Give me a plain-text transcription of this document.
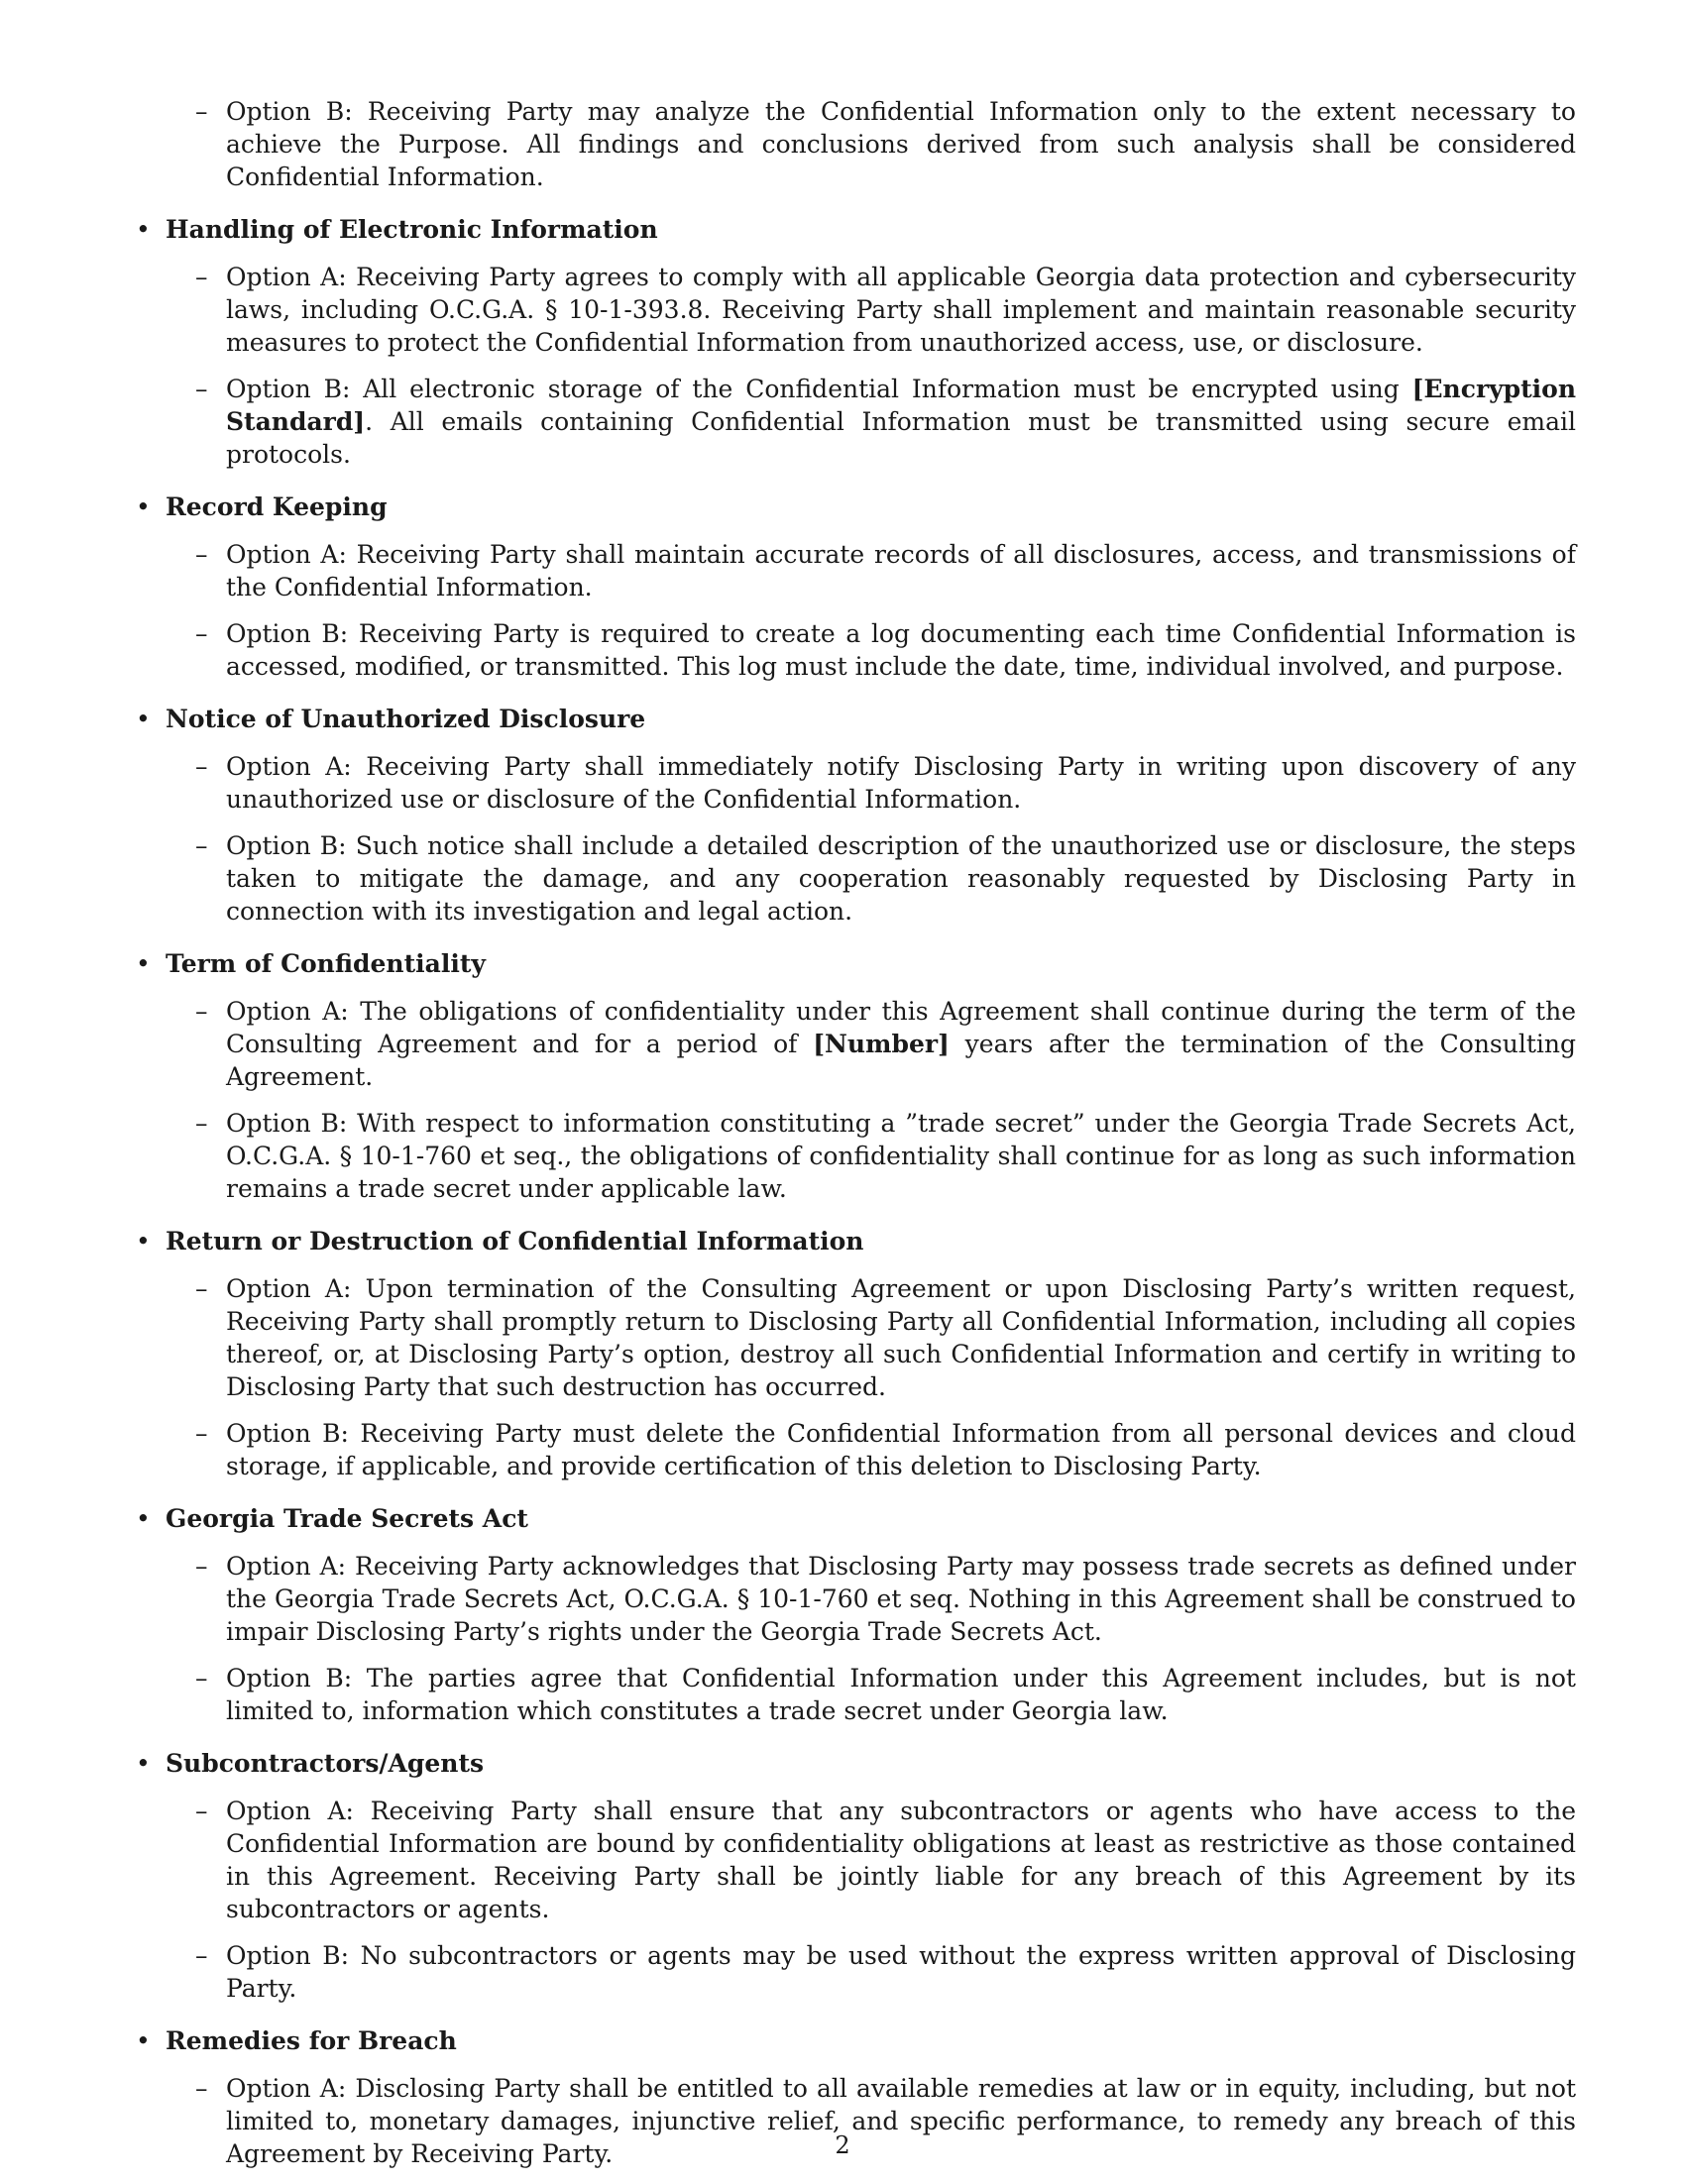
– Option B: Receiving Party may analyze the Confidential Information only to the extent necessary to achieve the Purpose. All findings and conclusions derived from such analysis shall be considered Confidential Information.
• Handling of Electronic Information
– Option A: Receiving Party agrees to comply with all applicable Georgia data protection and cybersecurity laws, including O.C.G.A. § 10-1-393.8. Receiving Party shall implement and maintain reasonable security measures to protect the Confidential Information from unauthorized access, use, or disclosure.
– Option B: All electronic storage of the Confidential Information must be encrypted using [Encryption Standard]. All emails containing Confidential Information must be transmitted using secure email protocols.
• Record Keeping
– Option A: Receiving Party shall maintain accurate records of all disclosures, access, and transmissions of the Confidential Information.
– Option B: Receiving Party is required to create a log documenting each time Confidential Information is accessed, modified, or transmitted. This log must include the date, time, individual involved, and purpose.
• Notice of Unauthorized Disclosure
– Option A: Receiving Party shall immediately notify Disclosing Party in writing upon discovery of any unauthorized use or disclosure of the Confidential Information.
– Option B: Such notice shall include a detailed description of the unauthorized use or disclosure, the steps taken to mitigate the damage, and any cooperation reasonably requested by Disclosing Party in connection with its investigation and legal action.
• Term of Confidentiality
– Option A: The obligations of confidentiality under this Agreement shall continue during the term of the Consulting Agreement and for a period of [Number] years after the termination of the Consulting Agreement.
– Option B: With respect to information constituting a ”trade secret” under the Georgia Trade Secrets Act, O.C.G.A. § 10-1-760 et seq., the obligations of confidentiality shall continue for as long as such information remains a trade secret under applicable law.
• Return or Destruction of Confidential Information
– Option A: Upon termination of the Consulting Agreement or upon Disclosing Party’s written request, Receiving Party shall promptly return to Disclosing Party all Confidential Information, including all copies thereof, or, at Disclosing Party’s option, destroy all such Confidential Information and certify in writing to Disclosing Party that such destruction has occurred.
– Option B: Receiving Party must delete the Confidential Information from all personal devices and cloud storage, if applicable, and provide certification of this deletion to Disclosing Party.
• Georgia Trade Secrets Act
– Option A: Receiving Party acknowledges that Disclosing Party may possess trade secrets as defined under the Georgia Trade Secrets Act, O.C.G.A. § 10-1-760 et seq. Nothing in this Agreement shall be construed to impair Disclosing Party’s rights under the Georgia Trade Secrets Act.
– Option B: The parties agree that Confidential Information under this Agreement includes, but is not limited to, information which constitutes a trade secret under Georgia law.
• Subcontractors/Agents
– Option A: Receiving Party shall ensure that any subcontractors or agents who have access to the Confidential Information are bound by confidentiality obligations at least as restrictive as those contained in this Agreement. Receiving Party shall be jointly liable for any breach of this Agreement by its subcontractors or agents.
– Option B: No subcontractors or agents may be used without the express written approval of Disclosing Party.
• Remedies for Breach
– Option A: Disclosing Party shall be entitled to all available remedies at law or in equity, including, but not limited to, monetary damages, injunctive relief, and specific performance, to remedy any breach of this Agreement by Receiving Party.	2
